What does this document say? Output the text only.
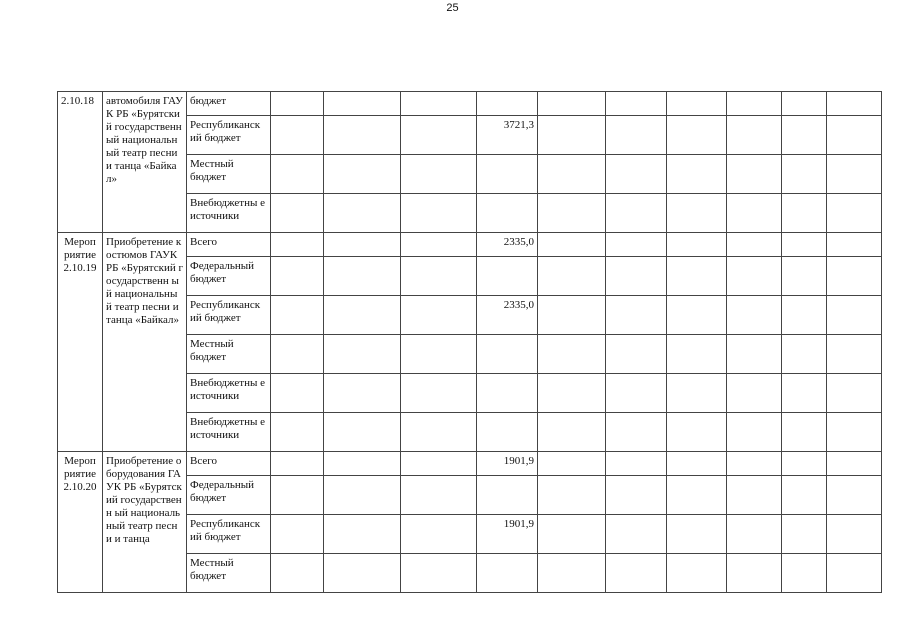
25
2.10.18	автомобиля ГАУК РБ «Бурятский государственн ый национальный театр песни и танца «Байкал»	бюджет										
		Республиканск ий бюджет				3721,3						
		Местный бюджет										
		Внебюджетны е источники										
Мероп риятие 2.10.19	Приобретение костюмов ГАУК РБ «Бурятский государственн ый национальный театр песни и танца «Байкал»	Всего				2335,0						
		Федеральный бюджет										
		Республиканск ий бюджет				2335,0						
		Местный бюджет										
		Внебюджетны е источники										
		Внебюджетны е источники										
Мероп риятие 2.10.20	Приобретение оборудования ГАУК РБ «Бурятский государственн ый национальный театр песни и танца	Всего				1901,9						
		Федеральный бюджет										
		Республиканск ий бюджет				1901,9						
		Местный бюджет										
